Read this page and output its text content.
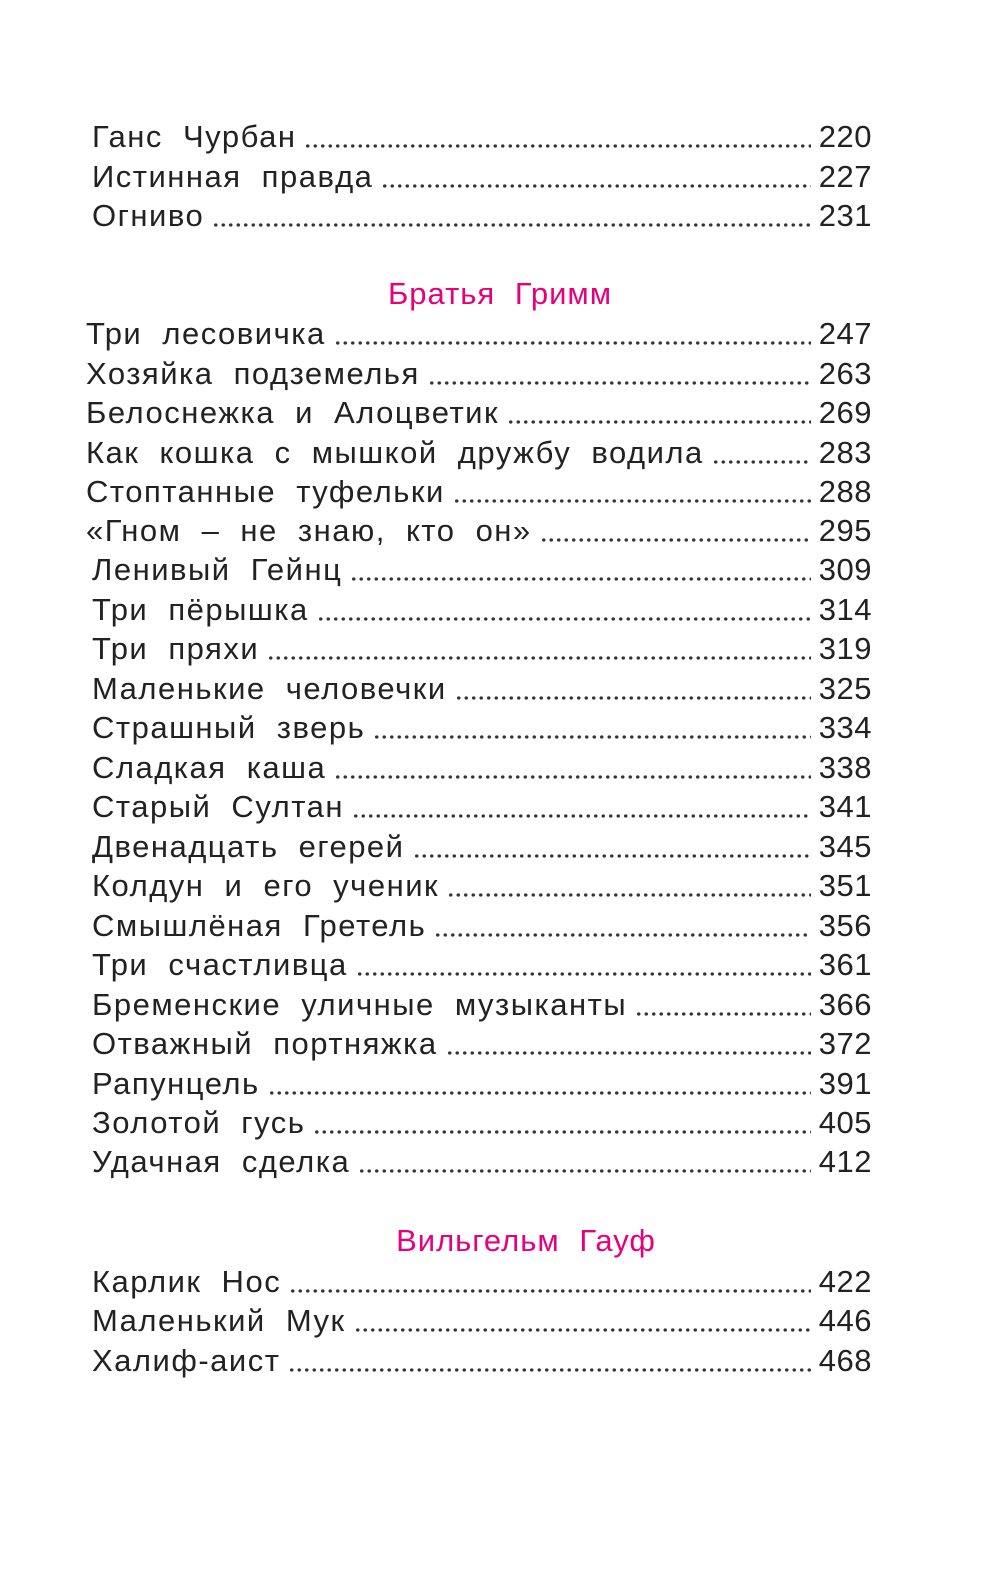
Ганс Чурбан	220
Истинная правда	227
Огниво	231
Братья Гримм
Три лесовичка	247
Хозяйка подземелья	263
Белоснежка и Алоцветик	269
Как кошка с мышкой дружбу водила	283
Стоптанные туфельки	288
«Гном – не знаю, кто он»	295
Ленивый Гейнц	309
Три пёрышка	314
Три пряхи	319
Маленькие человечки	325
Страшный зверь	334
Сладкая каша	338
Старый Султан	341
Двенадцать егерей	345
Колдун и его ученик	351
Смышлёная Гретель	356
Три счастливца	361
Бременские уличные музыканты	366
Отважный портняжка	372
Рапунцель	391
Золотой гусь	405
Удачная сделка	412
Вильгельм Гауф
Карлик Нос	422
Маленький Мук	446
Халиф-аист	468
